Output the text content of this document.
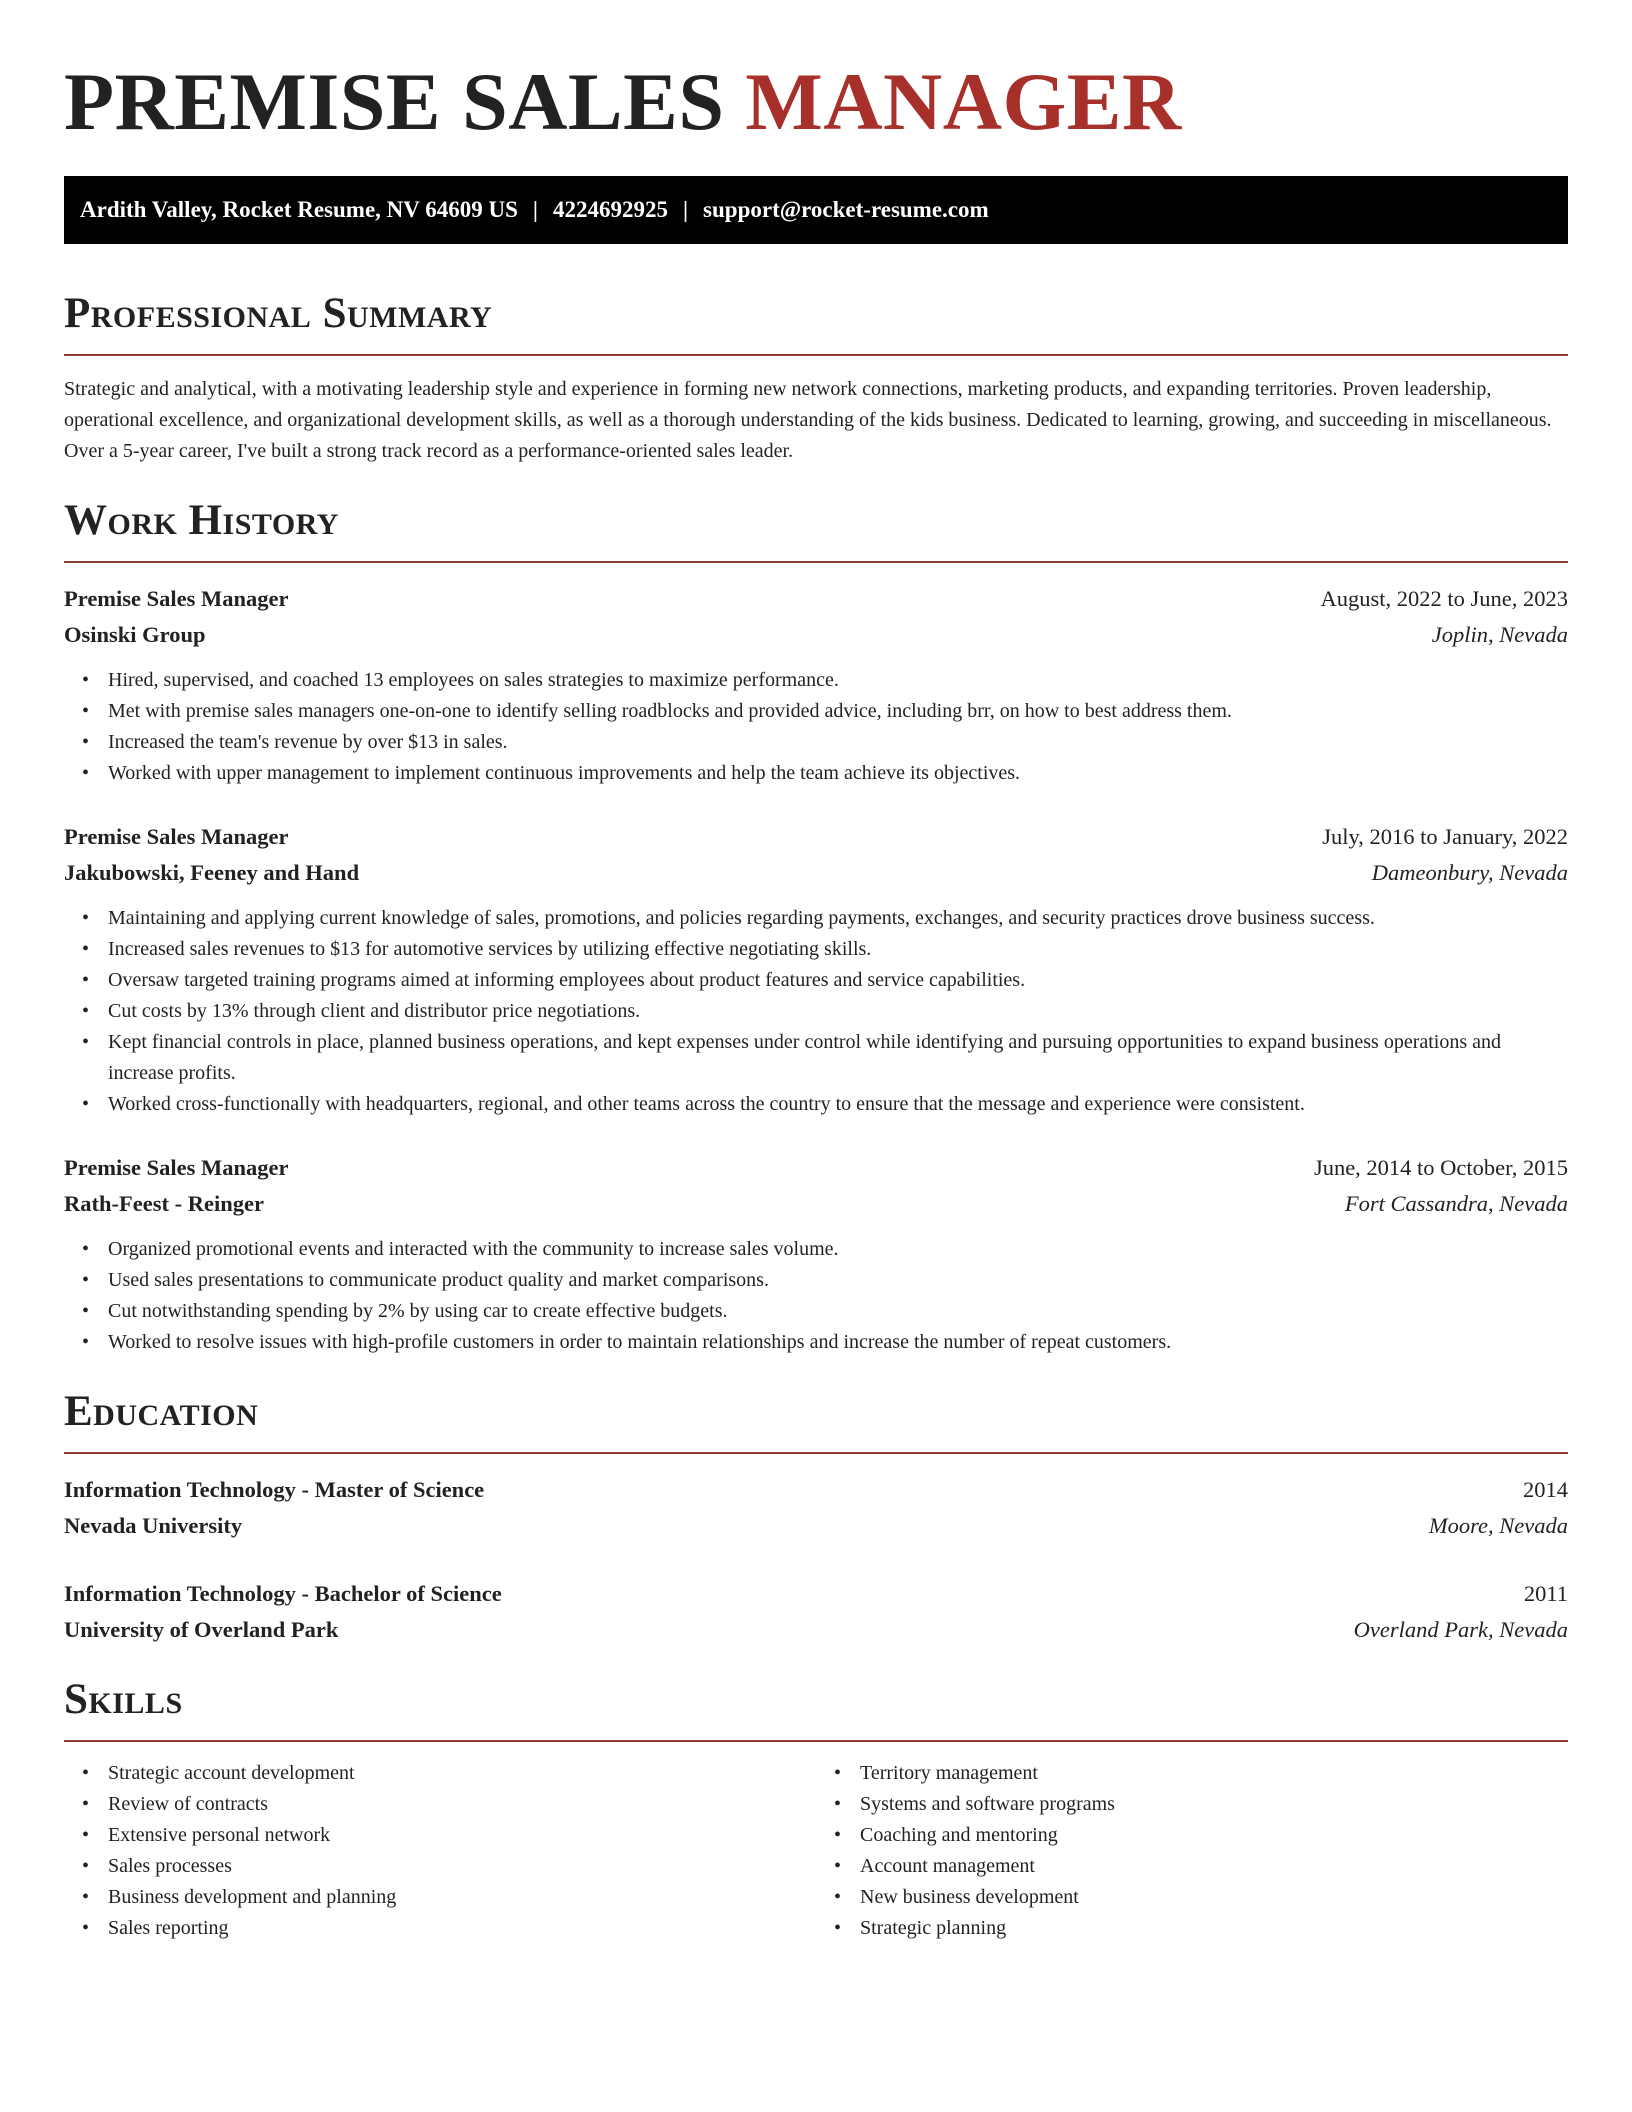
PREMISE SALES MANAGER
Ardith Valley, Rocket Resume, NV 64609 US | 4224692925 | support@rocket-resume.com
Professional Summary

Strategic and analytical, with a motivating leadership style and experience in forming new network connections, marketing products, and expanding territories. Proven leadership, operational excellence, and organizational development skills, as well as a thorough understanding of the kids business. Dedicated to learning, growing, and succeeding in miscellaneous. Over a 5-year career, I've built a strong track record as a performance-oriented sales leader.

Work History
Premise Sales Manager	August, 2022 to June, 2023
Osinski Group	Joplin, Nevada
• Hired, supervised, and coached 13 employees on sales strategies to maximize performance.
• Met with premise sales managers one-on-one to identify selling roadblocks and provided advice, including brr, on how to best address them.
• Increased the team's revenue by over $13 in sales.
• Worked with upper management to implement continuous improvements and help the team achieve its objectives.
Premise Sales Manager	July, 2016 to January, 2022
Jakubowski, Feeney and Hand	Dameonbury, Nevada
• Maintaining and applying current knowledge of sales, promotions, and policies regarding payments, exchanges, and security practices drove business success.
• Increased sales revenues to $13 for automotive services by utilizing effective negotiating skills.
• Oversaw targeted training programs aimed at informing employees about product features and service capabilities.
• Cut costs by 13% through client and distributor price negotiations.
• Kept financial controls in place, planned business operations, and kept expenses under control while identifying and pursuing opportunities to expand business operations and increase profits.
• Worked cross-functionally with headquarters, regional, and other teams across the country to ensure that the message and experience were consistent.
Premise Sales Manager	June, 2014 to October, 2015
Rath-Feest - Reinger	Fort Cassandra, Nevada
• Organized promotional events and interacted with the community to increase sales volume.
• Used sales presentations to communicate product quality and market comparisons.
• Cut notwithstanding spending by 2% by using car to create effective budgets.
• Worked to resolve issues with high-profile customers in order to maintain relationships and increase the number of repeat customers.
Education
Information Technology - Master of Science	2014
Nevada University	Moore, Nevada
Information Technology - Bachelor of Science	2011
University of Overland Park	Overland Park, Nevada
Skills
• Strategic account development
• Review of contracts
• Extensive personal network
• Sales processes
• Business development and planning
• Sales reporting
• Territory management
• Systems and software programs
• Coaching and mentoring
• Account management
• New business development
• Strategic planning
